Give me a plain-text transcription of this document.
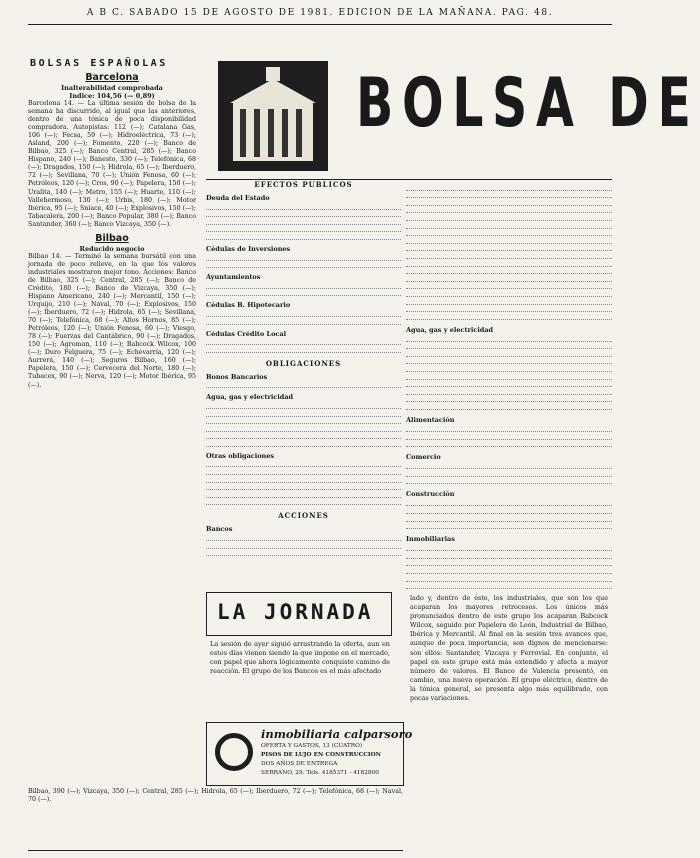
A B C. SABADO 15 DE AGOSTO DE 1981. EDICION DE LA MAÑANA. PAG. 48.
BOLSAS ESPAÑOLAS
Barcelona
Inalterabilidad comprobada
Indice: 104,56 (— 0,89)

Barcelona 14. — La última sesión de bolsa de la semana ha discurrido, al igual que las anteriores, dentro de una tónica de poca disponibilidad compradora. Autopistas: 112 (—); Catalana Gas, 106 (—); Fecsa, 59 (—); Hidroeléctrica, 73 (—); Asland, 200 (—); Fomento, 220 (—); Banco de Bilbao, 325 (—); Banco Central, 285 (—); Banco Hispano, 240 (—); Banesto, 330 (—); Telefónica, 68 (—); Dragados, 150 (—); Hidrola, 65 (—); Iberduero, 72 (—); Sevillana, 70 (—); Unión Fenosa, 60 (—); Petróleos, 120 (—); Cros, 90 (—); Papelera, 150 (—); Uralita, 140 (—); Metro, 155 (—); Huarte, 110 (—); Vallehermoso, 130 (—); Urbis, 180 (—); Motor Ibérica, 95 (—); Sniace, 40 (—); Explosivos, 150 (—); Tabacalera, 200 (—); Banco Popular, 380 (—); Banco Santander, 360 (—); Banco Vizcaya, 350 (—).

Bilbao
Reducido negocio

Bilbao 14. — Terminó la semana bursátil con una jornada de poco relieve, en la que los valores industriales mostraron mejor tono. Acciones: Banco de Bilbao, 325 (—); Central, 285 (—); Banco de Crédito, 180 (—); Banco de Vizcaya, 350 (—); Hispano Americano, 240 (—); Mercantil, 150 (—); Urquijo, 210 (—); Naval, 70 (—); Explosivos, 150 (—); Iberduero, 72 (—); Hidrola, 65 (—); Sevillana, 70 (—); Telefónica, 68 (—); Altos Hornos, 85 (—); Petróleos, 120 (—); Unión Fenosa, 60 (—); Viesgo, 78 (—); Fuerzas del Cantábrico, 90 (—); Dragados, 150 (—); Agroman, 110 (—); Babcock Wilcox, 100 (—); Duro Felguera, 75 (—); Echevarría, 120 (—); Aurrerá, 140 (—); Seguros Bilbao, 160 (—); Papelera, 150 (—); Cervecera del Norte, 180 (—); Tubacex, 90 (—); Nerva, 120 (—); Motor Ibérica, 95 (—).

BOLSA DE
EFECTOS PUBLICOS
Deuda del Estado
Cédulas de Inversiones
Ayuntamientos
Cédulas B. Hipotecario
Cédulas Crédito Local
OBLIGACIONES
Bonos Bancarios
Agua, gas y electricidad
Otras obligaciones
ACCIONES
Bancos
Agua, gas y electricidad
Alimentación
Comercio
Construcción
Inmobiliarias
LA JORNADA

La sesión de ayer siguió arrastrando la oferta, aun en estos días vienen siendo la que impone en el mercado, con papel que ahora lógicamente conquiste camino de reacción. El grupo de los Bancos es el más afectado

inmobiliaria calparsoro
OFERTA Y GASTOS, 13 (CUATRO)
PISOS DE LUJO EN CONSTRUCCION
DOS AÑOS DE ENTREGA
SERRANO, 29. Tels. 4185371 - 4182800

lado y, dentro de éste, los industriales, que son los que acaparan los mayores retrocesos. Los únicos más pronunciados dentro de este grupo los acaparan Babcock Wilcox, seguido por Papelera de León, Industrial de Bilbao, Ibérica y Mercantil. Al final en la sesión tres avances que, aunque de poca importancia, son dignos de mencionarse: son ellos: Santander, Vizcaya y Ferrovial. En conjunto, el papel en este grupo está más extendido y afecta a mayor número de valores. El Banco de Valencia presentó, en cambio, una nueva operación. El grupo eléctrico, dentro de la tónica general, se presenta algo más equilibrado, con pocas variaciones.

Bilbao, 390 (—); Vizcaya, 350 (—); Central, 285 (—); Hidrola, 65 (—); Iberduero, 72 (—); Telefónica, 68 (—); Naval, 70 (—).
